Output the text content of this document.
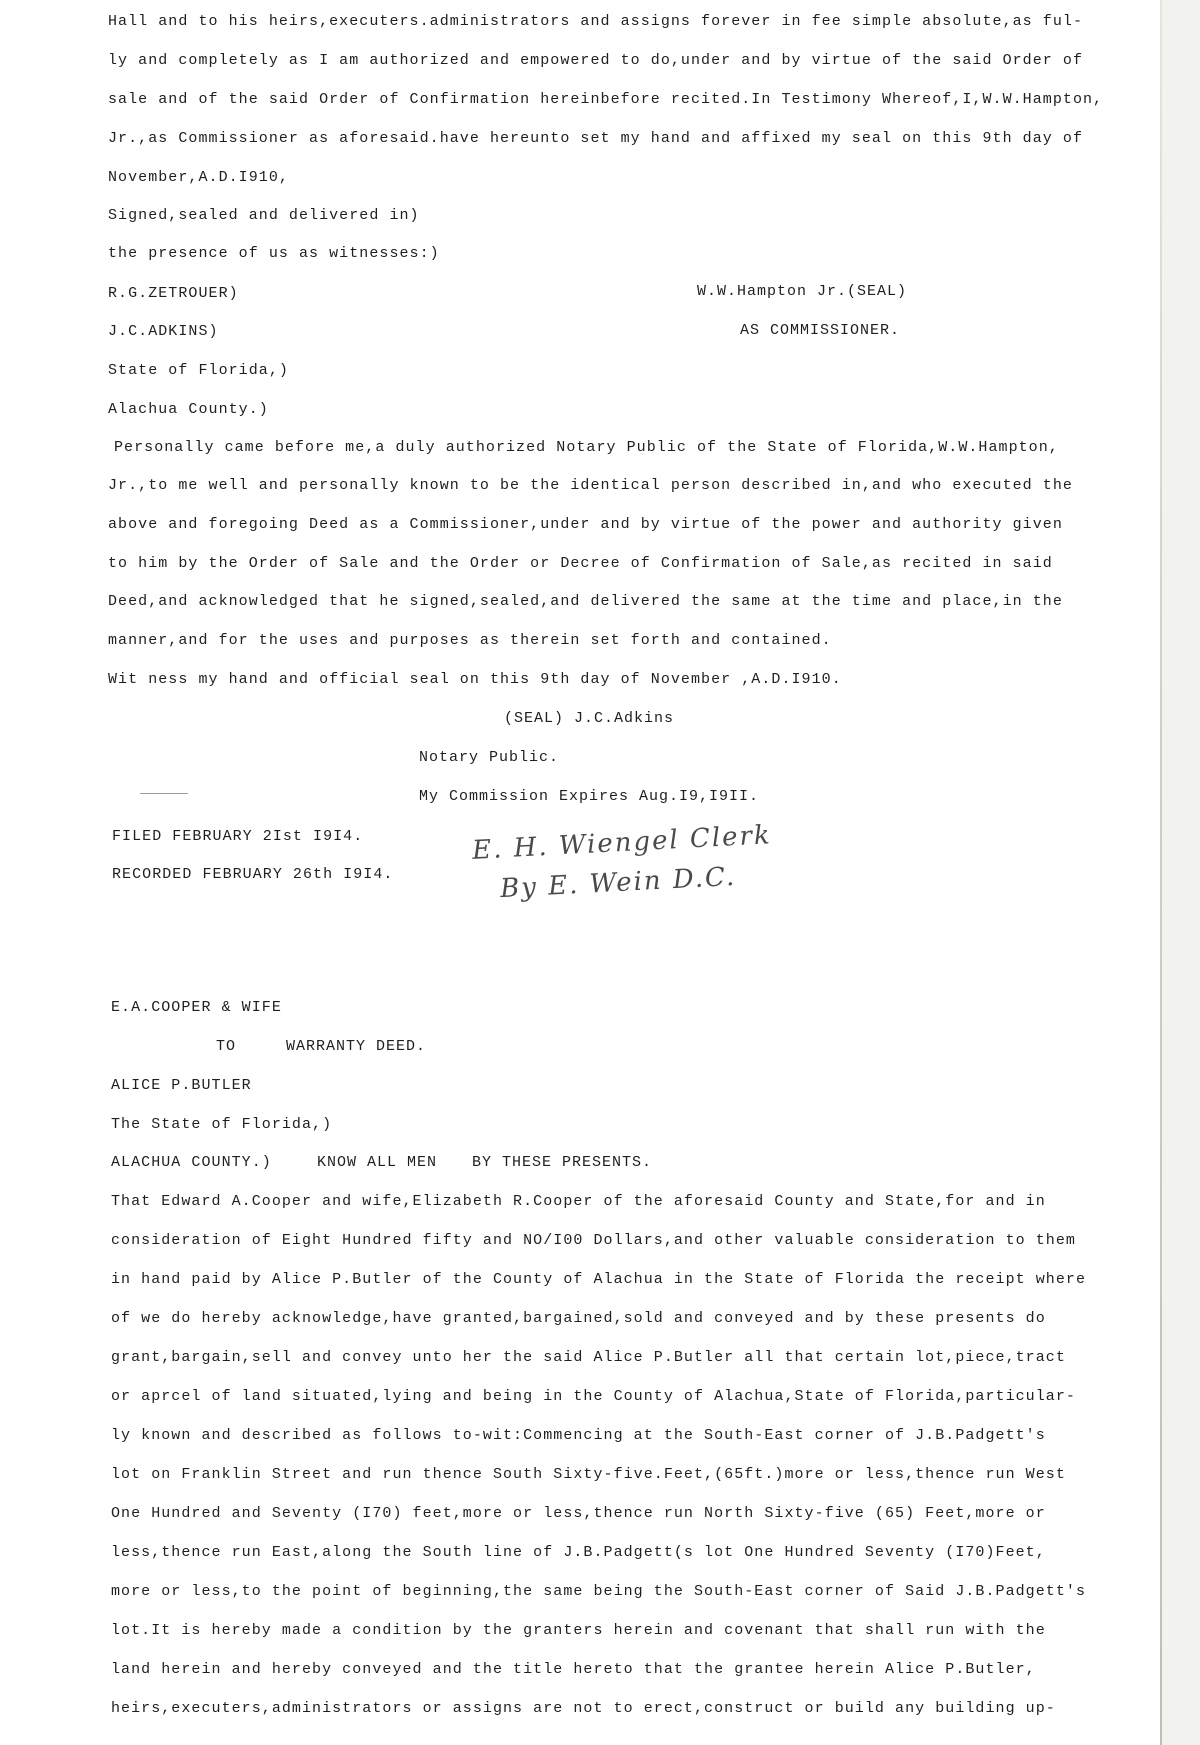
Hall and to his heirs,executers.administrators and assigns forever in fee simple absolute,as ful-
ly and completely as I am authorized and empowered to do,under and by virtue of the said Order of
sale and of the said Order of Confirmation hereinbefore recited.In Testimony Whereof,I,W.W.Hampton,
Jr.,as Commissioner as aforesaid.have hereunto set my hand and affixed my seal on this 9th day of
November,A.D.I910,
Signed,sealed and delivered in)
the presence of us as witnesses:)
R.G.ZETROUER)	W.W.Hampton Jr.(SEAL)
J.C.ADKINS)	AS COMMISSIONER.
State of Florida,)
Alachua County.)
Personally came before me,a duly authorized Notary Public of the State of Florida,W.W.Hampton,
Jr.,to me well and personally known to be the identical person described in,and who executed the
above and foregoing Deed as a Commissioner,under and by virtue of the power and authority given
to him by the Order of Sale and the Order or Decree of Confirmation of Sale,as recited in said
Deed,and acknowledged that he signed,sealed,and delivered the same at the time and place,in the
manner,and for the uses and purposes as therein set forth and contained.
Wit ness my hand and official seal on this 9th day of November ,A.D.I910.
(SEAL) J.C.Adkins
Notary Public.
My Commission Expires Aug.I9,I9II.
FILED FEBRUARY 2Ist I9I4.
RECORDED FEBRUARY 26th I9I4.
E. H. Wiengel Clerk
By E. Wein D.C.
E.A.COOPER & WIFE
TO	WARRANTY DEED.
ALICE P.BUTLER
The State of Florida,)
ALACHUA COUNTY.)	KNOW ALL MEN BY THESE PRESENTS.
That Edward A.Cooper and wife,Elizabeth R.Cooper of the aforesaid County and State,for and in
consideration of Eight Hundred fifty and NO/I00 Dollars,and other valuable consideration to them
in hand paid by Alice P.Butler of the County of Alachua in the State of Florida the receipt where
of we do hereby acknowledge,have granted,bargained,sold and conveyed and by these presents do
grant,bargain,sell and convey unto her the said Alice P.Butler all that certain lot,piece,tract
or aprcel of land situated,lying and being in the County of Alachua,State of Florida,particular-
ly known and described as follows to-wit:Commencing at the South-East corner of J.B.Padgett's
lot on Franklin Street and run thence South Sixty-five.Feet,(65ft.)more or less,thence run West
One Hundred and Seventy (I70) feet,more or less,thence run North Sixty-five (65) Feet,more or
less,thence run East,along the South line of J.B.Padgett(s lot One Hundred Seventy (I70)Feet,
more or less,to the point of beginning,the same being the South-East corner of Said J.B.Padgett's
lot.It is hereby made a condition by the granters herein and covenant that shall run with the
land herein and hereby conveyed and the title hereto that the grantee herein Alice P.Butler,
heirs,executers,administrators or assigns are not to erect,construct or build any building up-
